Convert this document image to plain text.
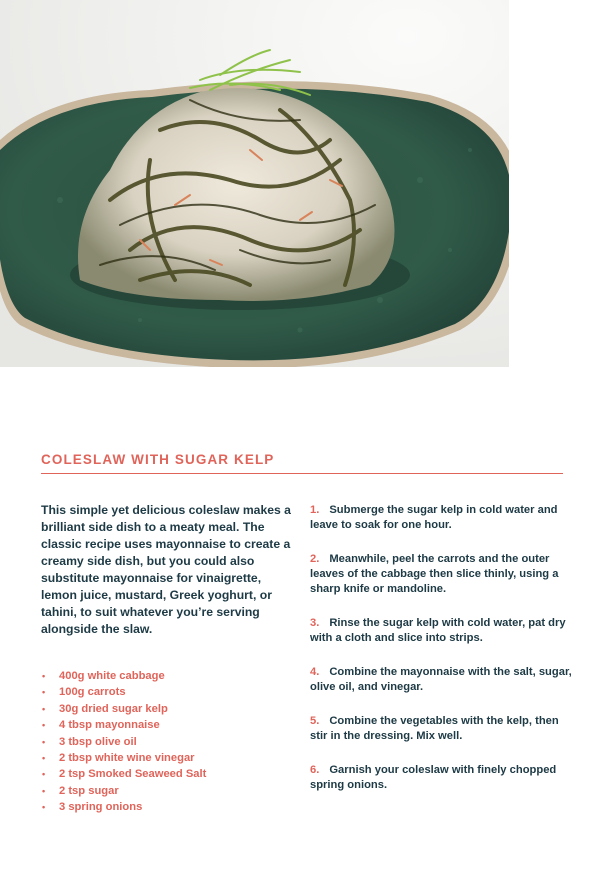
COLESLAW WITH SUGAR KELP

This simple yet delicious coleslaw makes a brilliant side dish to a meaty meal. The classic recipe uses mayonnaise to create a creamy side dish, but you could also substitute mayonnaise for vinaigrette, lemon juice, mustard, Greek yoghurt, or tahini, to suit whatever you’re serving alongside the slaw.

• 400g white cabbage
• 100g carrots
• 30g dried sugar kelp
• 4 tbsp mayonnaise
• 3 tbsp olive oil
• 2 tbsp white wine vinegar
• 2 tsp Smoked Seaweed Salt
• 2 tsp sugar
• 3 spring onions
1. Submerge the sugar kelp in cold water and leave to soak for one hour.
2. Meanwhile, peel the carrots and the outer leaves of the cabbage then slice thinly, using a sharp knife or mandoline.
3. Rinse the sugar kelp with cold water, pat dry with a cloth and slice into strips.
4. Combine the mayonnaise with the salt, sugar, olive oil, and vinegar.
5. Combine the vegetables with the kelp, then stir in the dressing. Mix well.
6. Garnish your coleslaw with finely chopped spring onions.
